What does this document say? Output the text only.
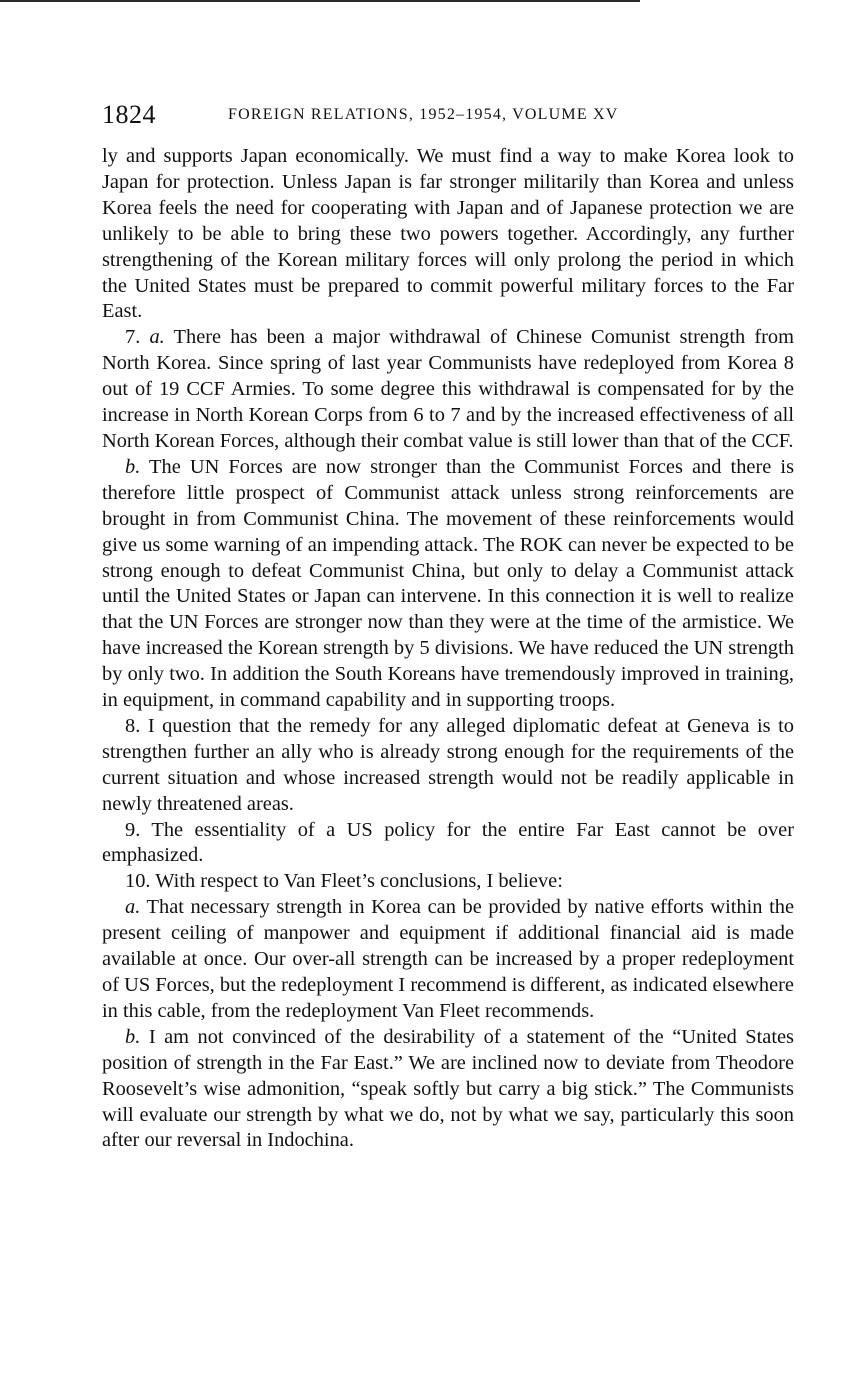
1824	FOREIGN RELATIONS, 1952–1954, VOLUME XV

ly and supports Japan economically. We must find a way to make Korea look to Japan for protection. Unless Japan is far stronger militarily than Korea and unless Korea feels the need for cooperating with Japan and of Japanese protection we are unlikely to be able to bring these two powers together. Accordingly, any further strengthening of the Korean military forces will only prolong the period in which the United States must be prepared to commit powerful military forces to the Far East.

7. a. There has been a major withdrawal of Chinese Comunist strength from North Korea. Since spring of last year Communists have redeployed from Korea 8 out of 19 CCF Armies. To some degree this withdrawal is compensated for by the increase in North Korean Corps from 6 to 7 and by the increased effectiveness of all North Korean Forces, although their combat value is still lower than that of the CCF.

b. The UN Forces are now stronger than the Communist Forces and there is therefore little prospect of Communist attack unless strong reinforcements are brought in from Communist China. The movement of these reinforcements would give us some warning of an impending attack. The ROK can never be expected to be strong enough to defeat Communist China, but only to delay a Communist attack until the United States or Japan can intervene. In this connection it is well to realize that the UN Forces are stronger now than they were at the time of the armistice. We have increased the Korean strength by 5 divisions. We have reduced the UN strength by only two. In addition the South Koreans have tremendously improved in training, in equipment, in command capability and in supporting troops.

8. I question that the remedy for any alleged diplomatic defeat at Geneva is to strengthen further an ally who is already strong enough for the requirements of the current situation and whose increased strength would not be readily applicable in newly threatened areas.

9. The essentiality of a US policy for the entire Far East cannot be over emphasized.

10. With respect to Van Fleet’s conclusions, I believe:

a. That necessary strength in Korea can be provided by native efforts within the present ceiling of manpower and equipment if additional financial aid is made available at once. Our over-all strength can be increased by a proper redeployment of US Forces, but the redeployment I recommend is different, as indicated elsewhere in this cable, from the redeployment Van Fleet recommends.

b. I am not convinced of the desirability of a statement of the “United States position of strength in the Far East.” We are inclined now to deviate from Theodore Roosevelt’s wise admonition, “speak softly but carry a big stick.” The Communists will evaluate our strength by what we do, not by what we say, particularly this soon after our reversal in Indochina.
